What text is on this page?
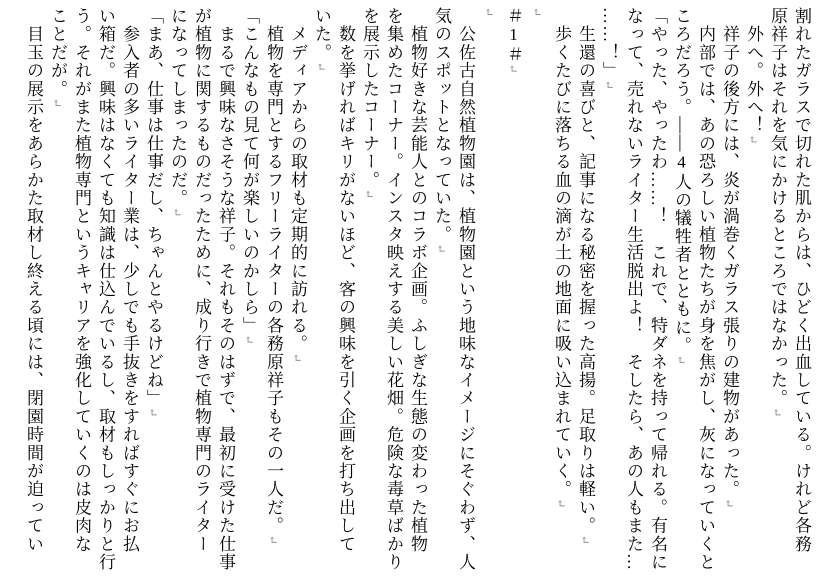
割れたガラスで切れた肌からは、ひどく出血している。けれど各務
原祥子はそれを気にかけるところではなかった。↵
　外へ。外へ！↵
　祥子の後方には、炎が渦巻くガラス張りの建物があった。↵
　内部では、あの恐ろしい植物たちが身を焦がし、灰になっていくと
ころだろう。――4人の犠牲者とともに。↵
「やった、やったわ……！　これで、特ダネを持って帰れる。有名に
なって、売れないライター生活脱出よ！　そしたら、あの人もまた…
……！」↵
　生還の喜びと、記事になる秘密を握った高揚。足取りは軽い。↵
　歩くたびに落ちる血の滴が土の地面に吸い込まれていく。↵
↵
＃1＃↵
↵
　公佐古自然植物園は、植物園という地味なイメージにそぐわず、人
気のスポットとなっていた。↵
　植物好きな芸能人とのコラボ企画。ふしぎな生態の変わった植物
を集めたコーナー。インスタ映えする美しい花畑。危険な毒草ばかり
を展示したコーナー。↵
　数を挙げればキリがないほど、客の興味を引く企画を打ち出して
いた。↵
　メディアからの取材も定期的に訪れる。↵
　植物を専門とするフリーライターの各務原祥子もその一人だ。↵
「こんなもの見て何が楽しいのかしら」↵
　まるで興味なさそうな祥子。それもそのはずで、最初に受けた仕事
が植物に関するものだったために、成り行きで植物専門のライター
になってしまったのだ。↵
「まあ、仕事は仕事だし、ちゃんとやるけどね」↵
　参入者の多いライター業は、少しでも手抜きをすればすぐにお払
い箱だ。興味はなくても知識は仕込んでいるし、取材もしっかりと行
う。それがまた植物専門というキャリアを強化していくのは皮肉な
ことだが。↵
　目玉の展示をあらかた取材し終える頃には、閉園時間が迫ってい
